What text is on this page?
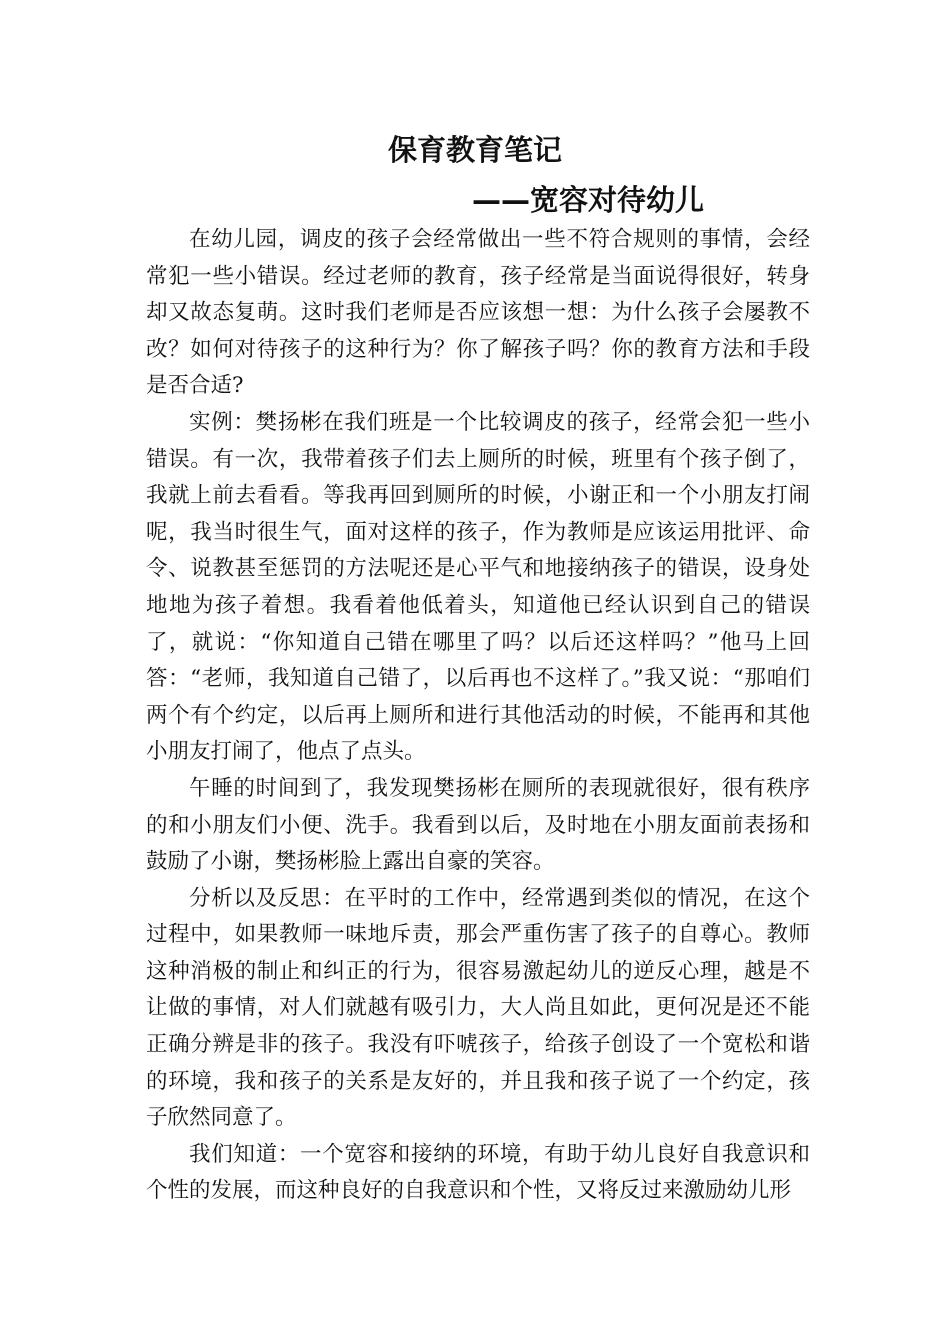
保育教育笔记
——宽容对待幼儿

在幼儿园，调皮的孩子会经常做出一些不符合规则的事情，会经常犯一些小错误。经过老师的教育，孩子经常是当面说得很好，转身却又故态复萌。这时我们老师是否应该想一想：为什么孩子会屡教不改？如何对待孩子的这种行为？你了解孩子吗？你的教育方法和手段是否合适?

实例：樊扬彬在我们班是一个比较调皮的孩子，经常会犯一些小错误。有一次，我带着孩子们去上厕所的时候，班里有个孩子倒了，我就上前去看看。等我再回到厕所的时候，小谢正和一个小朋友打闹呢，我当时很生气，面对这样的孩子，作为教师是应该运用批评、命令、说教甚至惩罚的方法呢还是心平气和地接纳孩子的错误，设身处地地为孩子着想。我看着他低着头，知道他已经认识到自己的错误了，就说：“你知道自己错在哪里了吗？以后还这样吗？”他马上回答：“老师，我知道自己错了，以后再也不这样了。”我又说：“那咱们两个有个约定，以后再上厕所和进行其他活动的时候，不能再和其他小朋友打闹了，他点了点头。

午睡的时间到了，我发现樊扬彬在厕所的表现就很好，很有秩序的和小朋友们小便、洗手。我看到以后，及时地在小朋友面前表扬和鼓励了小谢，樊扬彬脸上露出自豪的笑容。

分析以及反思：在平时的工作中，经常遇到类似的情况，在这个过程中，如果教师一味地斥责，那会严重伤害了孩子的自尊心。教师这种消极的制止和纠正的行为，很容易激起幼儿的逆反心理，越是不让做的事情，对人们就越有吸引力，大人尚且如此，更何况是还不能正确分辨是非的孩子。我没有吓唬孩子，给孩子创设了一个宽松和谐的环境，我和孩子的关系是友好的，并且我和孩子说了一个约定，孩子欣然同意了。

我们知道：一个宽容和接纳的环境，有助于幼儿良好自我意识和个性的发展，而这种良好的自我意识和个性，又将反过来激励幼儿形
